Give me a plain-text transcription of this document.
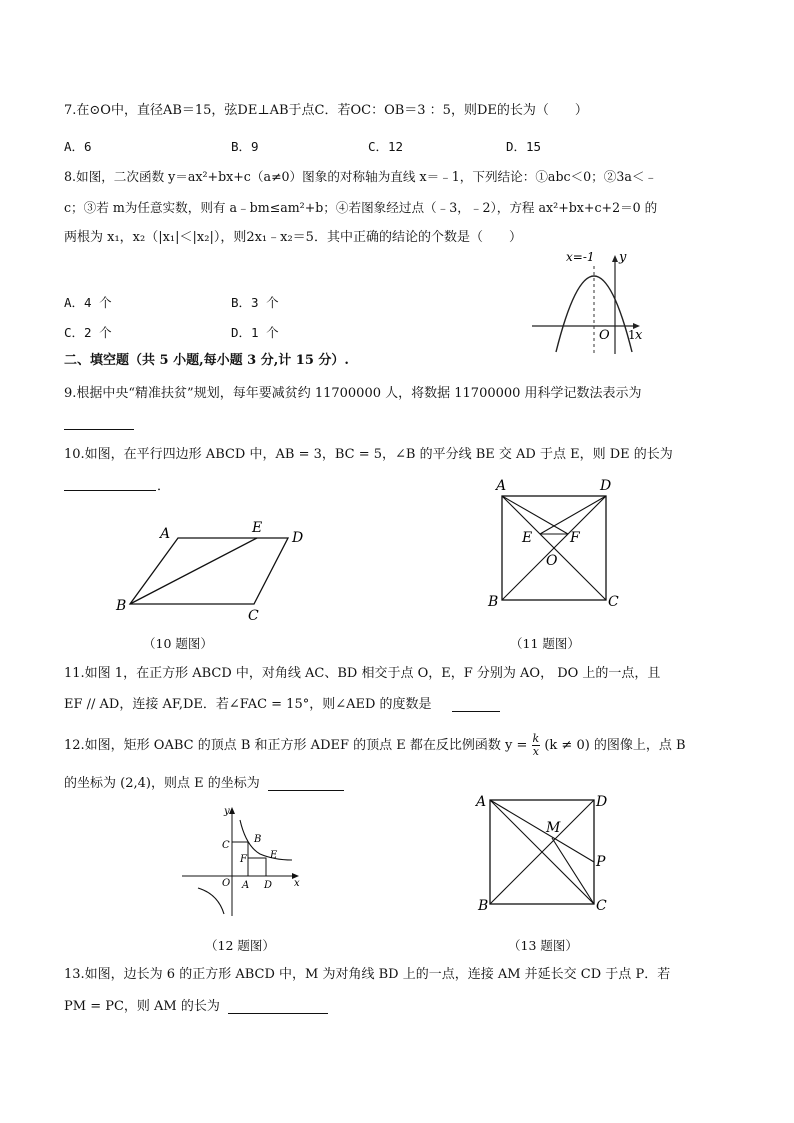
7.在⊙O中，直径AB＝15，弦DE⊥AB于点C．若OC：OB＝3 ：5，则DE的长为（　　）
A．6	B．9	C．12	D．15
8.如图，二次函数 y＝ax²+bx+c（a≠0）图象的对称轴为直线 x＝﹣1，下列结论：①abc＜0；②3a＜﹣
c；③若 m为任意实数，则有 a﹣bm≤am²+b；④若图象经过点（﹣3，﹣2），方程 ax²+bx+c+2＝0 的
两根为 x₁，x₂（|x₁|＜|x₂|），则2x₁﹣x₂＝5．其中正确的结论的个数是（　　）
A．4 个	B．3 个
C．2 个	D．1 个
x=-1 y
O 1 x
二、填空题（共 5 小题,每小题 3 分,计 15 分）.
9.根据中央“精准扶贫”规划，每年要减贫约 11700000 人，将数据 11700000 用科学记数法表示为
10.如图，在平行四边形 ABCD 中，AB = 3，BC = 5，∠B 的平分线 BE 交 AD 于点 E，则 DE 的长为
．
A	E
D
B
C
（10 题图）
A	D
E	F
O
B	C
（11 题图）
11.如图 1，在正方形 ABCD 中，对角线 AC、BD 相交于点 O，E，F 分别为 AO， DO 上的一点，且
EF // AD，连接 AF,DE．若∠FAC = 15°，则∠AED 的度数是
12.如图，矩形 OABC 的顶点 B 和正方形 ADEF 的顶点 E 都在反比例函数 $y = \frac{k}{x} (k \ne 0)$ 的图像上，点 B
的坐标为 (2,4)，则点 E 的坐标为
y
x
C
B
F E
O A D
（12 题图）
A	D
M
P
B	C
（13 题图）
13.如图，边长为 6 的正方形 ABCD 中，M 为对角线 BD 上的一点，连接 AM 并延长交 CD 于点 P．若
PM = PC，则 AM 的长为
